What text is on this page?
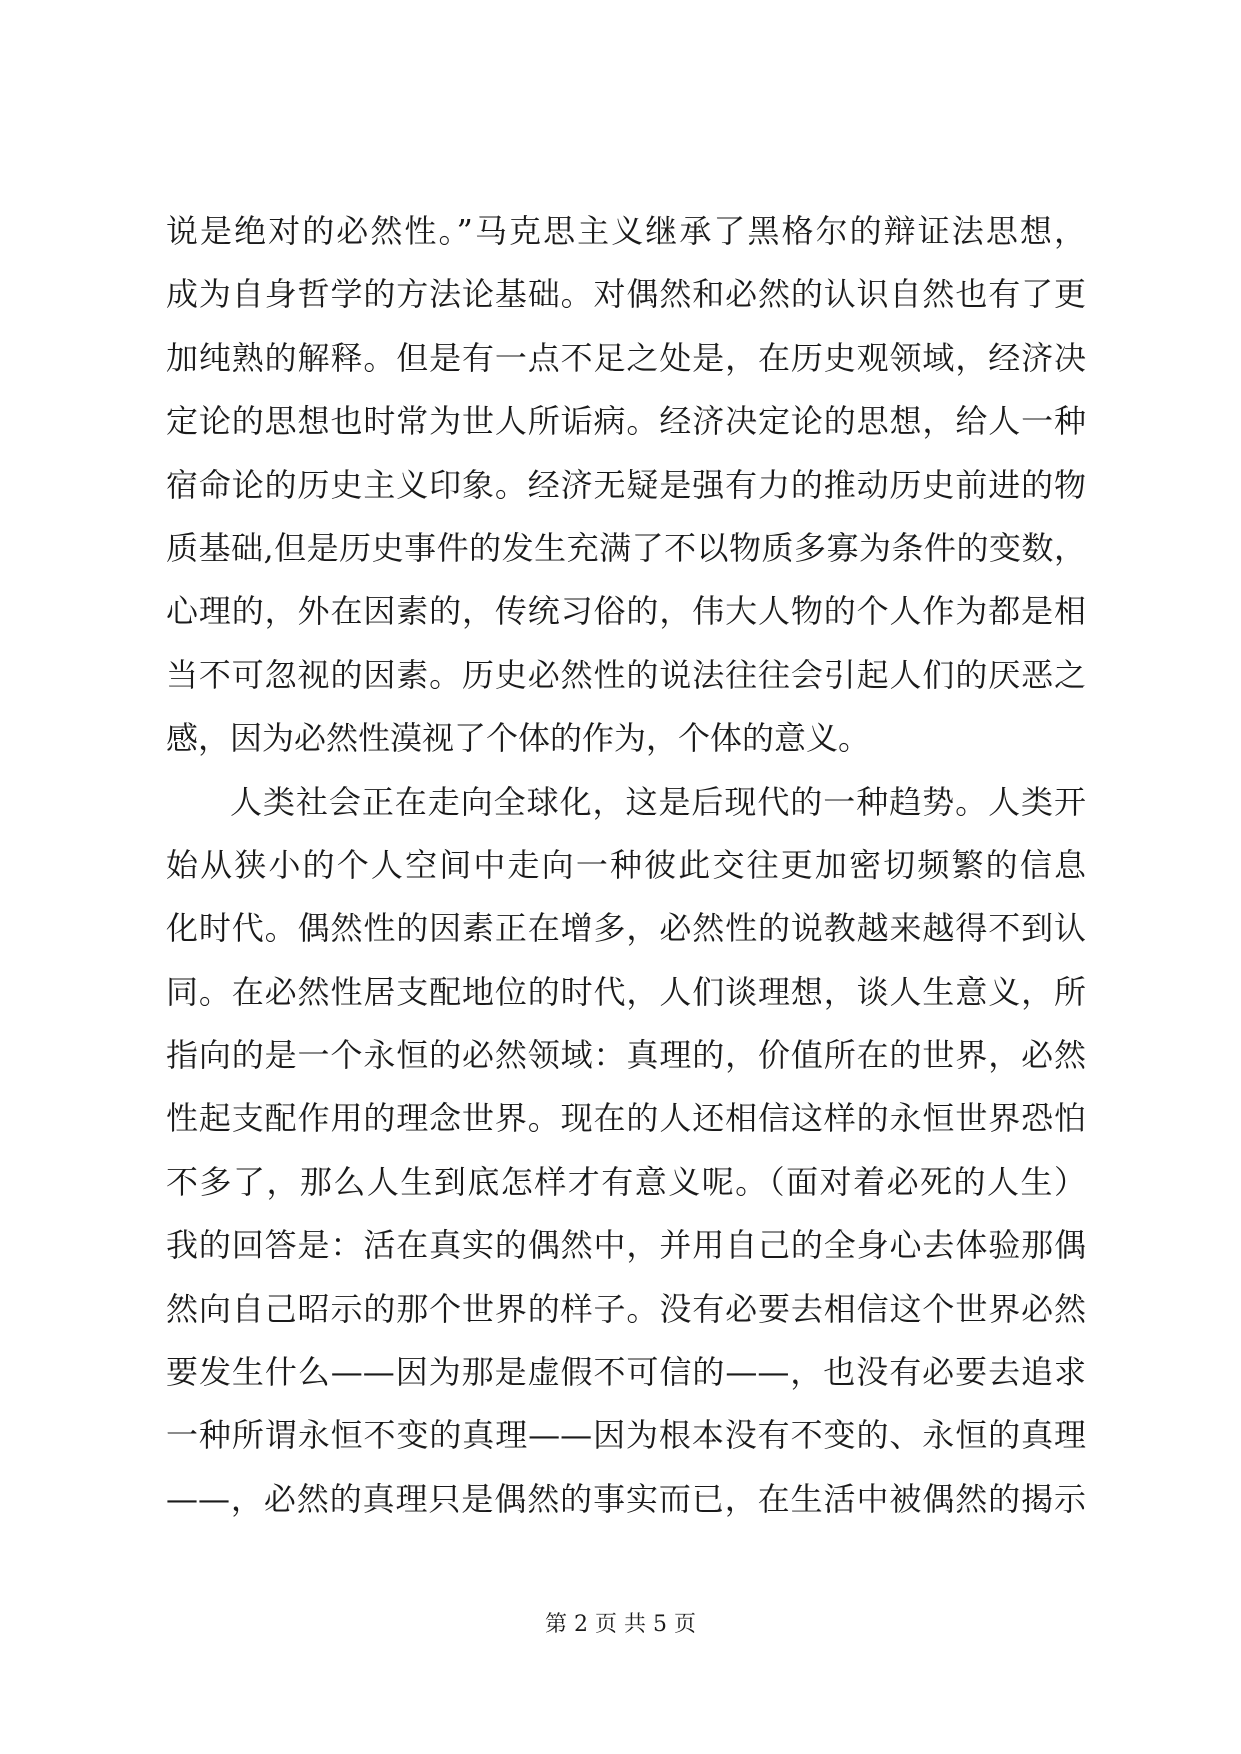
说是绝对的必然性。”马克思主义继承了黑格尔的辩证法思想，
成为自身哲学的方法论基础。对偶然和必然的认识自然也有了更
加纯熟的解释。但是有一点不足之处是，在历史观领域，经济决
定论的思想也时常为世人所诟病。经济决定论的思想，给人一种
宿命论的历史主义印象。经济无疑是强有力的推动历史前进的物
质基础,但是历史事件的发生充满了不以物质多寡为条件的变数，
心理的，外在因素的，传统习俗的，伟大人物的个人作为都是相
当不可忽视的因素。历史必然性的说法往往会引起人们的厌恶之
感，因为必然性漠视了个体的作为，个体的意义。
人类社会正在走向全球化，这是后现代的一种趋势。人类开
始从狭小的个人空间中走向一种彼此交往更加密切频繁的信息
化时代。偶然性的因素正在增多，必然性的说教越来越得不到认
同。在必然性居支配地位的时代，人们谈理想，谈人生意义，所
指向的是一个永恒的必然领域：真理的，价值所在的世界，必然
性起支配作用的理念世界。现在的人还相信这样的永恒世界恐怕
不多了，那么人生到底怎样才有意义呢。（面对着必死的人生）
我的回答是：活在真实的偶然中，并用自己的全身心去体验那偶
然向自己昭示的那个世界的样子。没有必要去相信这个世界必然
要发生什么——因为那是虚假不可信的——，也没有必要去追求
一种所谓永恒不变的真理——因为根本没有不变的、永恒的真理
——，必然的真理只是偶然的事实而已，在生活中被偶然的揭示
第 2 页 共 5 页
